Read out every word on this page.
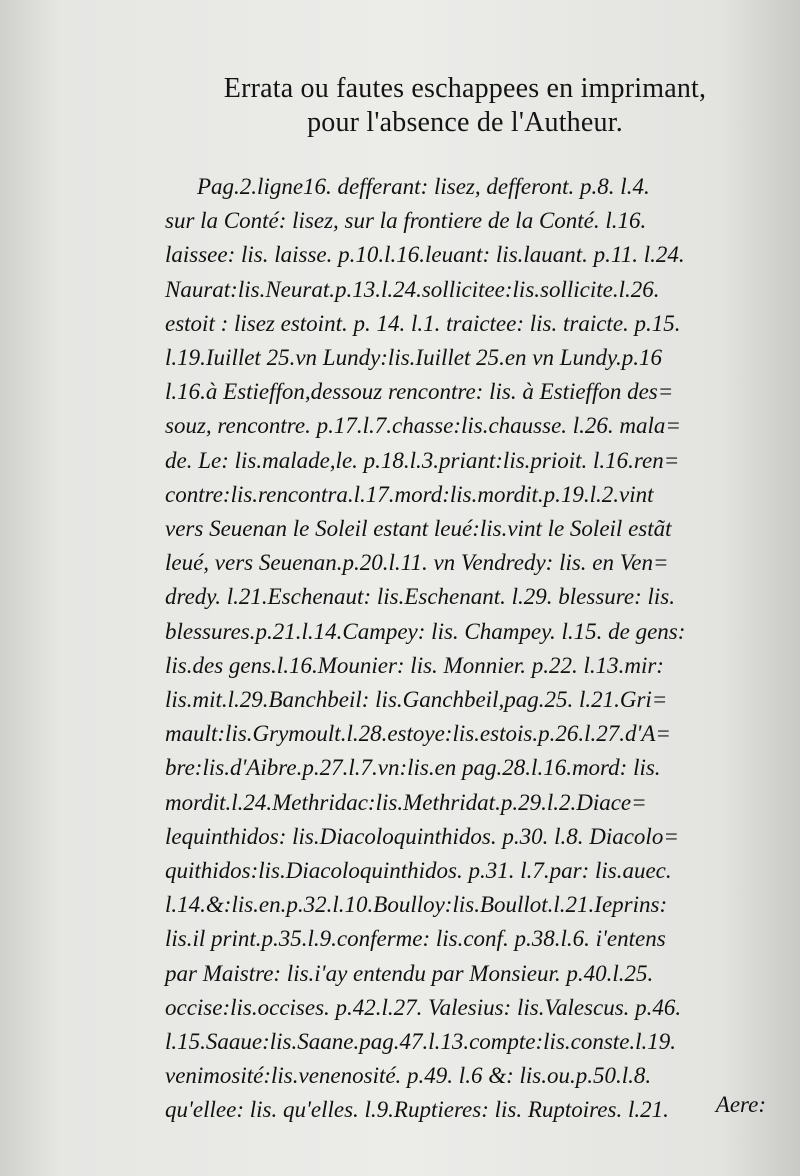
Errata ou fautes eschappees en imprimant,
pour l'absence de l'Autheur.
Pag.2.ligne16. defferant: lisez, defferont. p.8. l.4.
sur la Conté: lisez, sur la frontiere de la Conté. l.16.
laissee: lis. laisse. p.10.l.16.leuant: lis.lauant. p.11. l.24.
Naurat:lis.Neurat.p.13.l.24.sollicitee:lis.sollicite.l.26.
estoit : lisez estoint. p. 14. l.1. traictee: lis. traicte. p.15.
l.19.Iuillet 25.vn Lundy:lis.Iuillet 25.en vn Lundy.p.16
l.16.à Estieffon,dessouz rencontre: lis. à Estieffon des=
souz, rencontre. p.17.l.7.chasse:lis.chausse. l.26. mala=
de. Le: lis.malade,le. p.18.l.3.priant:lis.prioit. l.16.ren=
contre:lis.rencontra.l.17.mord:lis.mordit.p.19.l.2.vint
vers Seuenan le Soleil estant leué:lis.vint le Soleil estãt
leué, vers Seuenan.p.20.l.11. vn Vendredy: lis. en Ven=
dredy. l.21.Eschenaut: lis.Eschenant. l.29. blessure: lis.
blessures.p.21.l.14.Campey: lis. Champey. l.15. de gens:
lis.des gens.l.16.Mounier: lis. Monnier. p.22. l.13.mir:
lis.mit.l.29.Banchbeil: lis.Ganchbeil,pag.25. l.21.Gri=
mault:lis.Grymoult.l.28.estoye:lis.estois.p.26.l.27.d'A=
bre:lis.d'Aibre.p.27.l.7.vn:lis.en pag.28.l.16.mord: lis.
mordit.l.24.Methridac:lis.Methridat.p.29.l.2.Diace=
lequinthidos: lis.Diacoloquinthidos. p.30. l.8. Diacolo=
quithidos:lis.Diacoloquinthidos. p.31. l.7.par: lis.auec.
l.14.&:lis.en.p.32.l.10.Boulloy:lis.Boullot.l.21.Ieprins:
lis.il print.p.35.l.9.conferme: lis.conf. p.38.l.6. i'entens
par Maistre: lis.i'ay entendu par Monsieur. p.40.l.25.
occise:lis.occises. p.42.l.27. Valesius: lis.Valescus. p.46.
l.15.Saaue:lis.Saane.pag.47.l.13.compte:lis.conste.l.19.
venimosité:lis.venenosité. p.49. l.6 &: lis.ou.p.50.l.8.
qu'ellee: lis. qu'elles. l.9.Ruptieres: lis. Ruptoires. l.21.	Aere:
